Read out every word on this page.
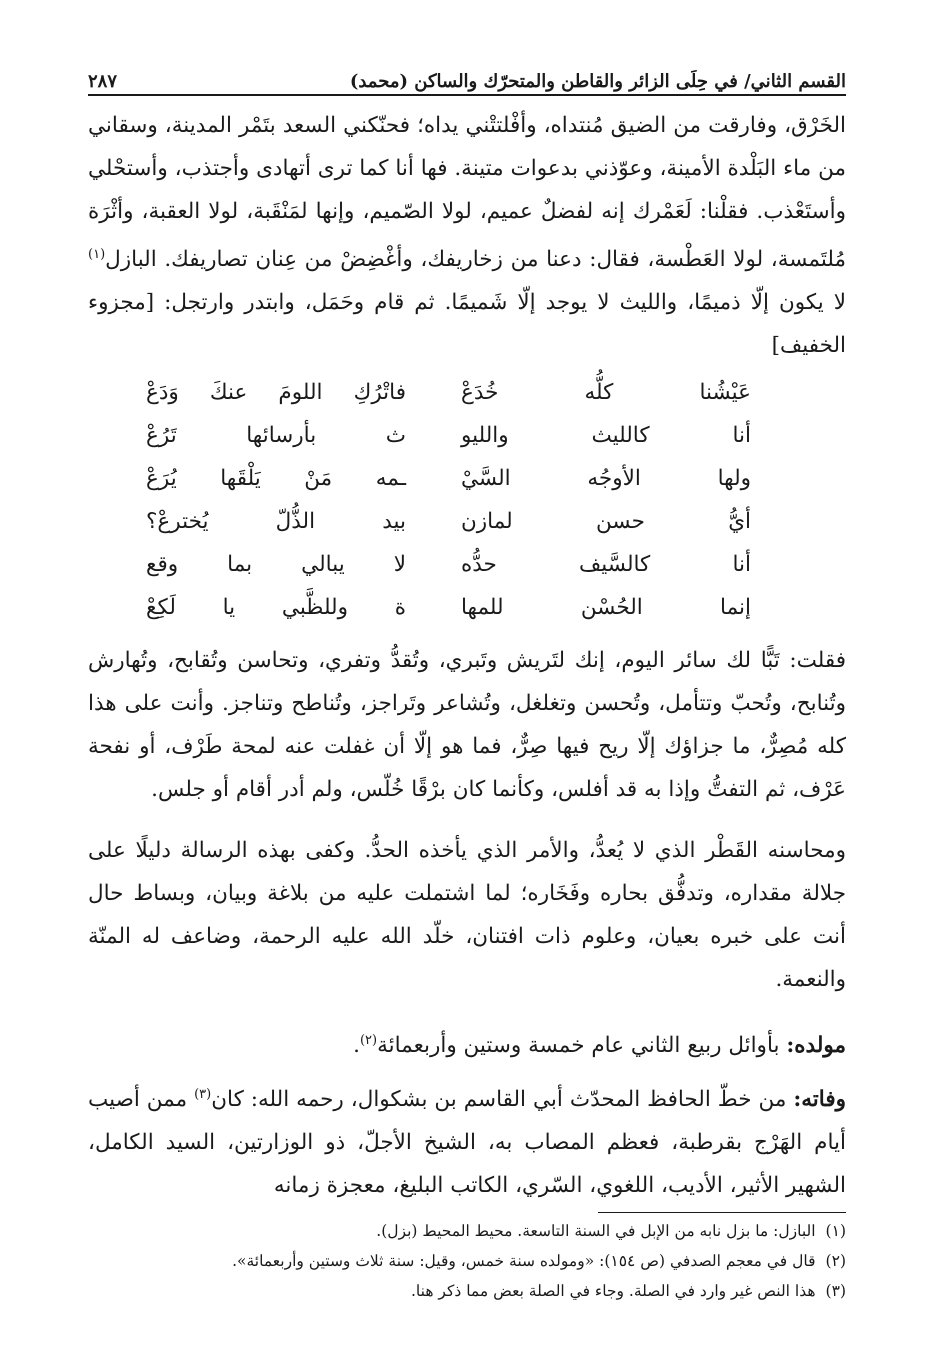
القسم الثاني/ في حِلَى الزائر والقاطن والمتحرّك والساكن (محمد)
٢٨٧

الخَرْق، وفارقت من الضيق مُنتداه، وأفْلتتْني يداه؛ فحنّكني السعد بتَمْر المدينة، وسقاني من ماء البَلْدة الأمينة، وعوّذني بدعوات متينة. فها أنا كما ترى أتهادى وأجتذب، وأستحْلي وأستَعْذب. فقلْنا: لَعَمْرك إنه لفضلٌ عميم، لولا الصّميم، وإنها لمَنْقَبة، لولا العقبة، وأثْرَة مُلتَمسة، لولا العَطْسة، فقال: دعنا من زخاريفك، وأغْضِضْ من عِنان تصاريفك. البازل$^{(١)}$ لا يكون إلّا ذميمًا، والليث لا يوجد إلّا شَميمًا. ثم قام وحَمَل، وابتدر وارتجل: [مجزوء الخفيف]

عَيْشُنا كلُّه خُدَعْ
فاتْرُكِ اللومَ عنكَ وَدَعْ
أنا كالليث والليو
ث بأرسائها تَرُعْ
ولها الأوجُه السَّيْ
ـمه مَنْ يَلْقَها يُرَعْ
أيُّ حسن لمازن
بيد الذُّلّ يُخترعْ؟
أنا كالسَّيف حدُّه
لا يبالي بما وقع
إنما الحُسْن للمها
ة وللظَّبي يا لَكِعْ

فقلت: تَبًّا لك سائر اليوم، إنك لتَريش وتَبري، وتُقدُّ وتفري، وتحاسن وتُقابح، وتُهارش وتُنابح، وتُحبّ وتتأمل، وتُحسن وتغلغل، وتُشاعر وتَراجز، وتُناطح وتناجز. وأنت على هذا كله مُصِرٌّ، ما جزاؤك إلّا ريح فيها صِرٌّ، فما هو إلّا أن غفلت عنه لمحة طَرْف، أو نفحة عَرْف، ثم التفتُّ وإذا به قد أفلس، وكأنما كان برْقًا خُلّس، ولم أدر أقام أو جلس.

ومحاسنه القَطْر الذي لا يُعدُّ، والأمر الذي يأخذه الحدُّ. وكفى بهذه الرسالة دليلًا على جلالة مقداره، وتدفُّق بحاره وفَخَاره؛ لما اشتملت عليه من بلاغة وبيان، وبساط حال أنت على خبره بعيان، وعلوم ذات افتنان، خلّد الله عليه الرحمة، وضاعف له المنّة والنعمة.

مولده: بأوائل ربيع الثاني عام خمسة وستين وأربعمائة$^{(٢)}$.

وفاته: من خطّ الحافظ المحدّث أبي القاسم بن بشكوال، رحمه الله: كان$^{(٣)}$ ممن أصيب أيام الهَرْج بقرطبة، فعظم المصاب به، الشيخ الأجلّ، ذو الوزارتين، السيد الكامل، الشهير الأثير، الأديب، اللغوي، السّري، الكاتب البليغ، معجزة زمانه

(١)
البازل: ما بزل نابه من الإبل في السنة التاسعة. محيط المحيط (بزل).
(٢)
قال في معجم الصدفي (ص ١٥٤): «ومولده سنة خمس، وقيل: سنة ثلاث وستين وأربعمائة».
(٣)
هذا النص غير وارد في الصلة. وجاء في الصلة بعض مما ذكر هنا.
